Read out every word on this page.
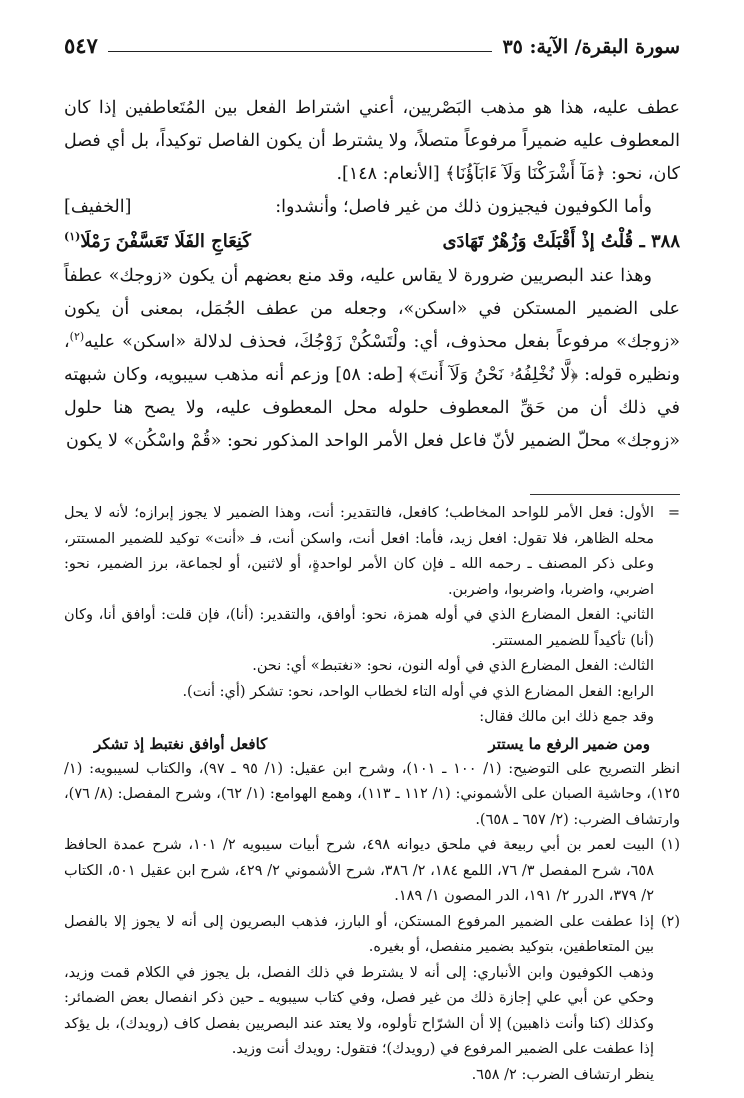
سورة البقرة/ الآية: ٣٥
٥٤٧

عطف عليه، هذا هو مذهب البَصْريين، أعني اشتراط الفعل بين المُتَعاطفين إذا كان المعطوف عليه ضميراً مرفوعاً متصلاً، ولا يشترط أن يكون الفاصل توكيداً، بل أي فصل كان، نحو: ﴿مَآ أَشْرَكْنَا وَلَآ ءَابَآؤُنَا﴾ [الأنعام: ١٤٨].

وأما الكوفيون فيجيزون ذلك من غير فاصل؛ وأنشدوا:
[الخفيف]

٣٨٨ ـ قُلْتُ إذْ أَقْبَلَتْ وَزُهْرٌ تَهَادَى
كَنِعَاجِ الفَلَا تَعَسَّفْنَ رَمْلَا$^{(١)}$

وهذا عند البصريين ضرورة لا يقاس عليه، وقد منع بعضهم أن يكون «زوجك» عطفاً على الضمير المستكن في «اسكن»، وجعله من عطف الجُمَل، بمعنى أن يكون «زوجك» مرفوعاً بفعل محذوف، أي: ولْتَسْكُنْ زَوْجُكَ، فحذف لدلالة «اسكن» عليه$^{(٢)}$، ونظيره قوله: ﴿لَّا نُخْلِفُهُۥ نَحْنُ وَلَآ أَنتَ﴾ [طه: ٥٨] وزعم أنه مذهب سيبويه، وكان شبهته في ذلك أن من حَقِّ المعطوف حلوله محل المعطوف عليه، ولا يصح هنا حلول «زوجك» محلّ الضمير لأنّ فاعل فعل الأمر الواحد المذكور نحو: «قُمْ واسْكُن» لا يكون

=

الأول: فعل الأمر للواحد المخاطب؛ كافعل، فالتقدير: أنت، وهذا الضمير لا يجوز إبرازه؛ لأنه لا يحل محله الظاهر، فلا تقول: افعل زيد، فأما: افعل أنت، واسكن أنت، فـ «أنت» توكيد للضمير المستتر، وعلى ذكر المصنف ـ رحمه الله ـ فإن كان الأمر لواحدةٍ، أو لاثنين، أو لجماعة، برز الضمير، نحو: اضربي، واضربا، واضربوا، واضربن.

الثاني: الفعل المضارع الذي في أوله همزة، نحو: أوافق، والتقدير: (أنا)، فإن قلت: أوافق أنا، وكان (أنا) تأكيداً للضمير المستتر.

الثالث: الفعل المضارع الذي في أوله النون، نحو: «نغتبط» أي: نحن.

الرابع: الفعل المضارع الذي في أوله التاء لخطاب الواحد، نحو: تشكر (أي: أنت).

وقد جمع ذلك ابن مالك فقال:

ومن ضمير الرفع ما يستتر
كافعل أوافق نغتبط إذ تشكر

انظر التصريح على التوضيح: (١/ ١٠٠ ـ ١٠١)، وشرح ابن عقيل: (١/ ٩٥ ـ ٩٧)، والكتاب لسيبويه: (١/ ١٢٥)، وحاشية الصبان على الأشموني: (١/ ١١٢ ـ ١١٣)، وهمع الهوامع: (١/ ٦٢)، وشرح المفصل: (٨/ ٧٦)، وارتشاف الضرب: (٢/ ٦٥٧ ـ ٦٥٨).

(١)

البيت لعمر بن أبي ربيعة في ملحق ديوانه ٤٩٨، شرح أبيات سيبويه ٢/ ١٠١، شرح عمدة الحافظ ٦٥٨، شرح المفصل ٣/ ٧٦، اللمع ١٨٤، ٢/ ٣٨٦، شرح الأشموني ٢/ ٤٢٩، شرح ابن عقيل ٥٠١، الكتاب ٢/ ٣٧٩، الدرر ٢/ ١٩١، الدر المصون ١/ ١٨٩.

(٢)

إذا عطفت على الضمير المرفوع المستكن، أو البارز، فذهب البصريون إلى أنه لا يجوز إلا بالفصل بين المتعاطفين، بتوكيد بضمير منفصل، أو بغيره.

وذهب الكوفيون وابن الأنباري: إلى أنه لا يشترط في ذلك الفصل، بل يجوز في الكلام قمت وزيد، وحكي عن أبي علي إجازة ذلك من غير فصل، وفي كتاب سيبويه ـ حين ذكر انفصال بعض الضمائر: وكذلك (كنا وأنت ذاهبين) إلا أن الشرّاح تأولوه، ولا يعتد عند البصريين بفصل كاف (رويدك)، بل يؤكد إذا عطفت على الضمير المرفوع في (رويدك)؛ فتقول: رويدك أنت وزيد.

ينظر ارتشاف الضرب: ٢/ ٦٥٨.
